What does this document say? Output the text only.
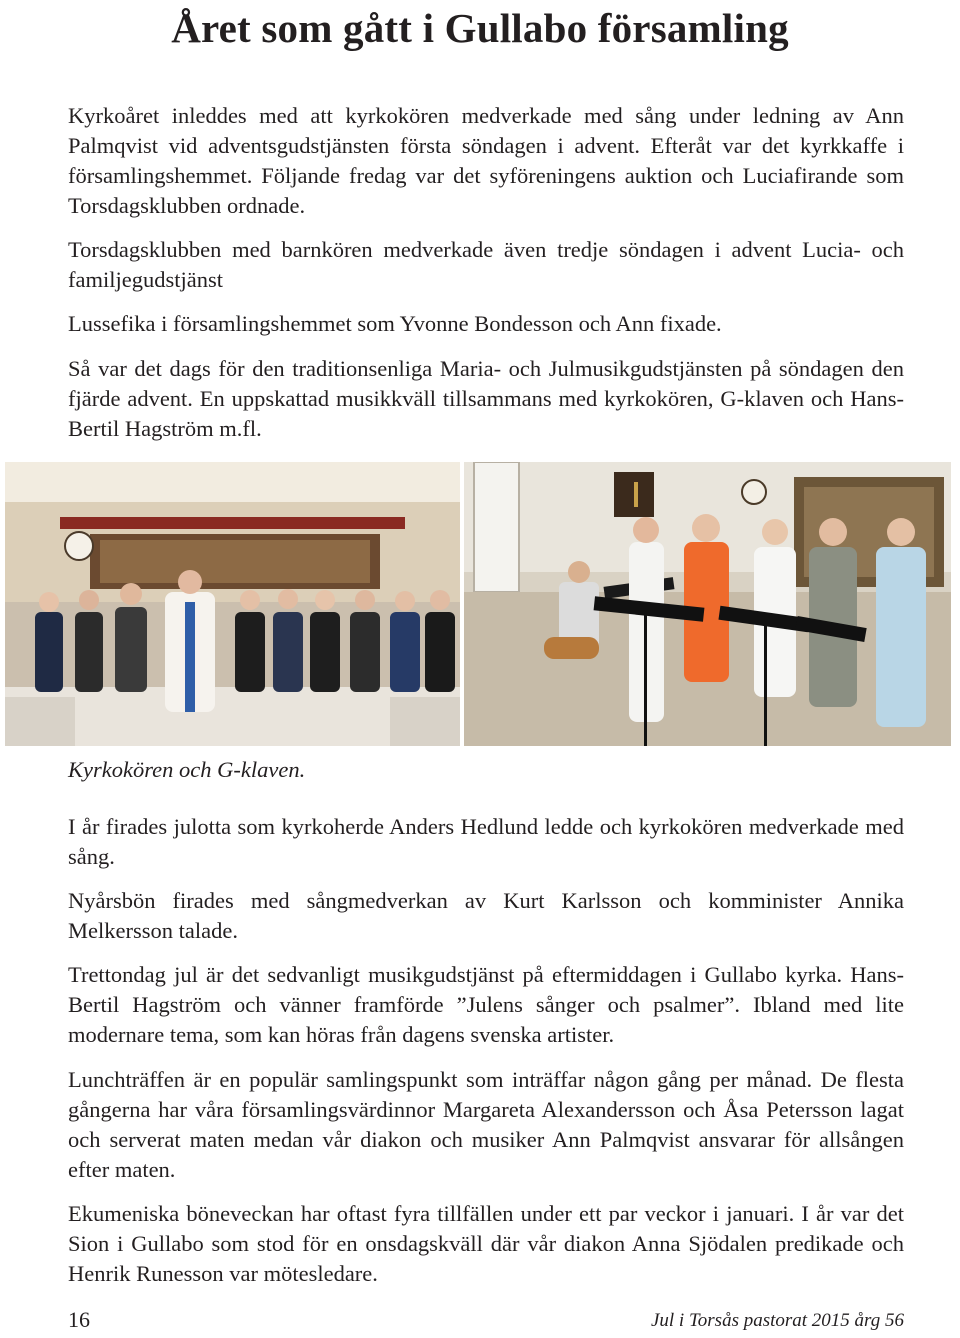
Året som gått i Gullabo församling

Kyrkoåret inleddes med att kyrkokören medverkade med sång under ledning av Ann Palmqvist vid adventsgudstjänsten första söndagen i advent. Efteråt var det kyrkkaffe i församlingshemmet. Följande fredag var det syföreningens auktion och Luciafirande som Torsdagsklubben ordnade.

Torsdagsklubben med barnkören medverkade även tredje söndagen i advent Lucia- och familjegudstjänst

Lussefika i församlingshemmet som Yvonne Bondesson och Ann fixade.

Så var det dags för den traditionsenliga Maria- och Julmusikgudstjänsten på söndagen den fjärde advent. En uppskattad musikkväll tillsammans med kyrkokören, G-klaven och Hans-Bertil Hagström m.fl.

Kyrkokören och G-klaven.

I år firades julotta som kyrkoherde Anders Hedlund ledde och kyrkokören medverkade med sång.

Nyårsbön firades med sångmedverkan av Kurt Karlsson och komminister Annika Melkersson talade.

Trettondag jul är det sedvanligt musikgudstjänst på eftermiddagen i Gullabo kyrka. Hans-Bertil Hagström och vänner framförde ”Julens sånger och psalmer”. Ibland med lite modernare tema, som kan höras från dagens svenska artister.

Lunchträffen är en populär samlingspunkt som inträffar någon gång per månad. De flesta gångerna har våra församlingsvärdinnor Margareta Alexandersson och Åsa Petersson lagat och serverat maten medan vår diakon och musiker Ann Palmqvist ansvarar för allsången efter maten.

Ekumeniska böneveckan har oftast fyra tillfällen under ett par veckor i januari. I år var det Sion i Gullabo som stod för en onsdagskväll där vår diakon Anna Sjödalen predikade och Henrik Runesson var mötesledare.

16	Jul i Torsås pastorat 2015 årg 56
